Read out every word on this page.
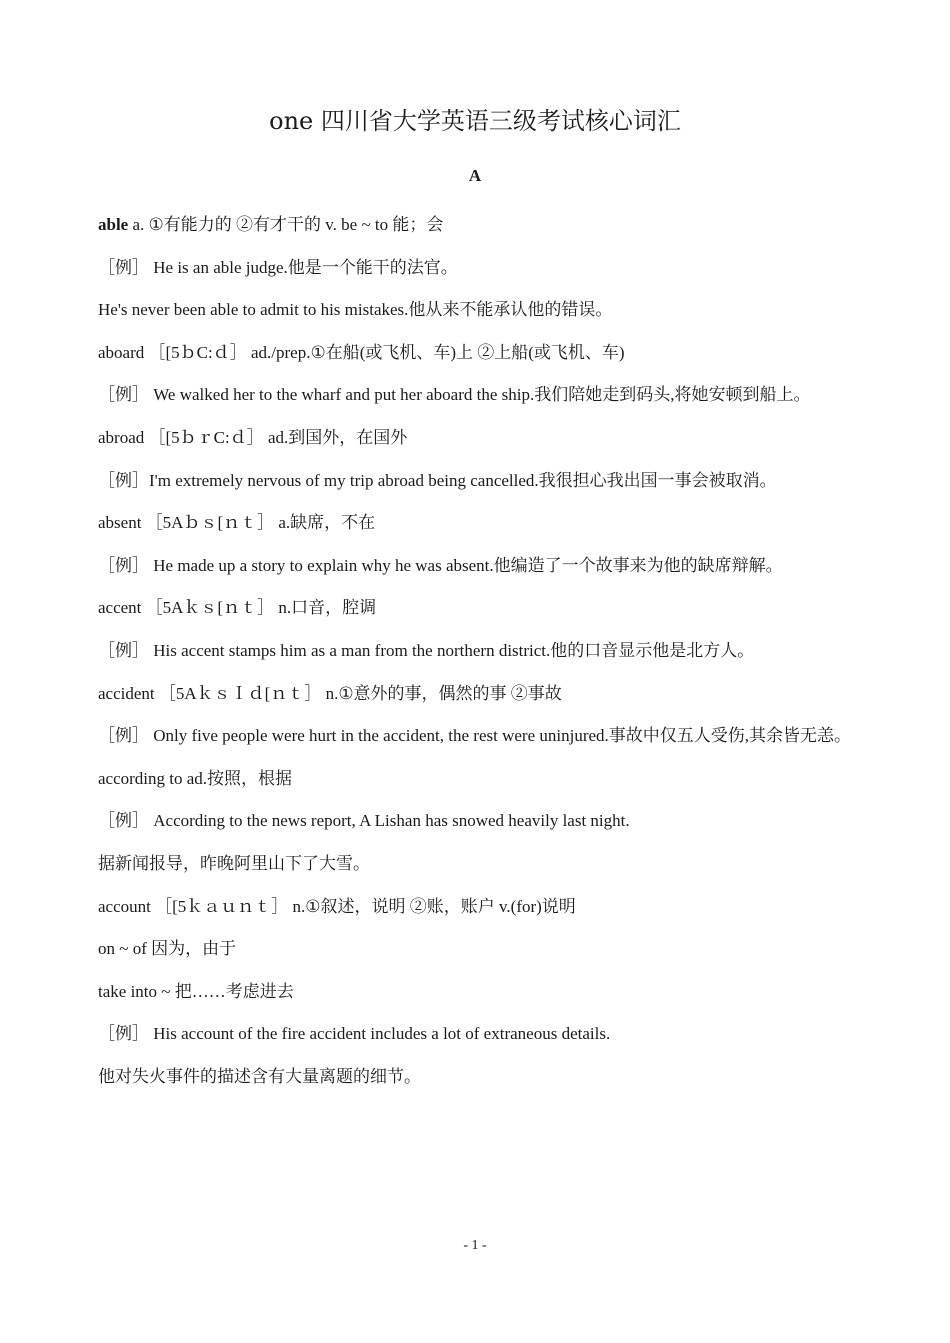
one 四川省大学英语三级考试核心词汇
A
able a. ①有能力的 ②有才干的 v. be ~ to 能；会
［例］ He is an able judge.他是一个能干的法官。
He's never been able to admit to his mistakes.他从来不能承认他的错误。
aboard ［[5ｂC:ｄ］ ad./prep.①在船(或飞机、车)上 ②上船(或飞机、车)
［例］ We walked her to the wharf and put her aboard the ship.我们陪她走到码头,将她安顿到船上。
abroad ［[5ｂｒC:ｄ］ ad.到国外，在国外
［例］I'm extremely nervous of my trip abroad being cancelled.我很担心我出国一事会被取消。
absent ［5Aｂｓ[ｎｔ］ a.缺席，不在
［例］ He made up a story to explain why he was absent.他编造了一个故事来为他的缺席辩解。
accent ［5Aｋｓ[ｎｔ］ n.口音，腔调
［例］ His accent stamps him as a man from the northern district.他的口音显示他是北方人。
accident ［5AｋｓＩｄ[ｎｔ］ n.①意外的事，偶然的事 ②事故
［例］ Only five people were hurt in the accident, the rest were uninjured.事故中仅五人受伤,其余皆无恙。
according to ad.按照，根据
［例］ According to the news report, A Lishan has snowed heavily last night.
据新闻报导，昨晚阿里山下了大雪。
account ［[5ｋａｕｎｔ］ n.①叙述，说明 ②账，账户 v.(for)说明
on ~ of 因为，由于
take into ~ 把……考虑进去
［例］ His account of the fire accident includes a lot of extraneous details.
他对失火事件的描述含有大量离题的细节。
- 1 -
